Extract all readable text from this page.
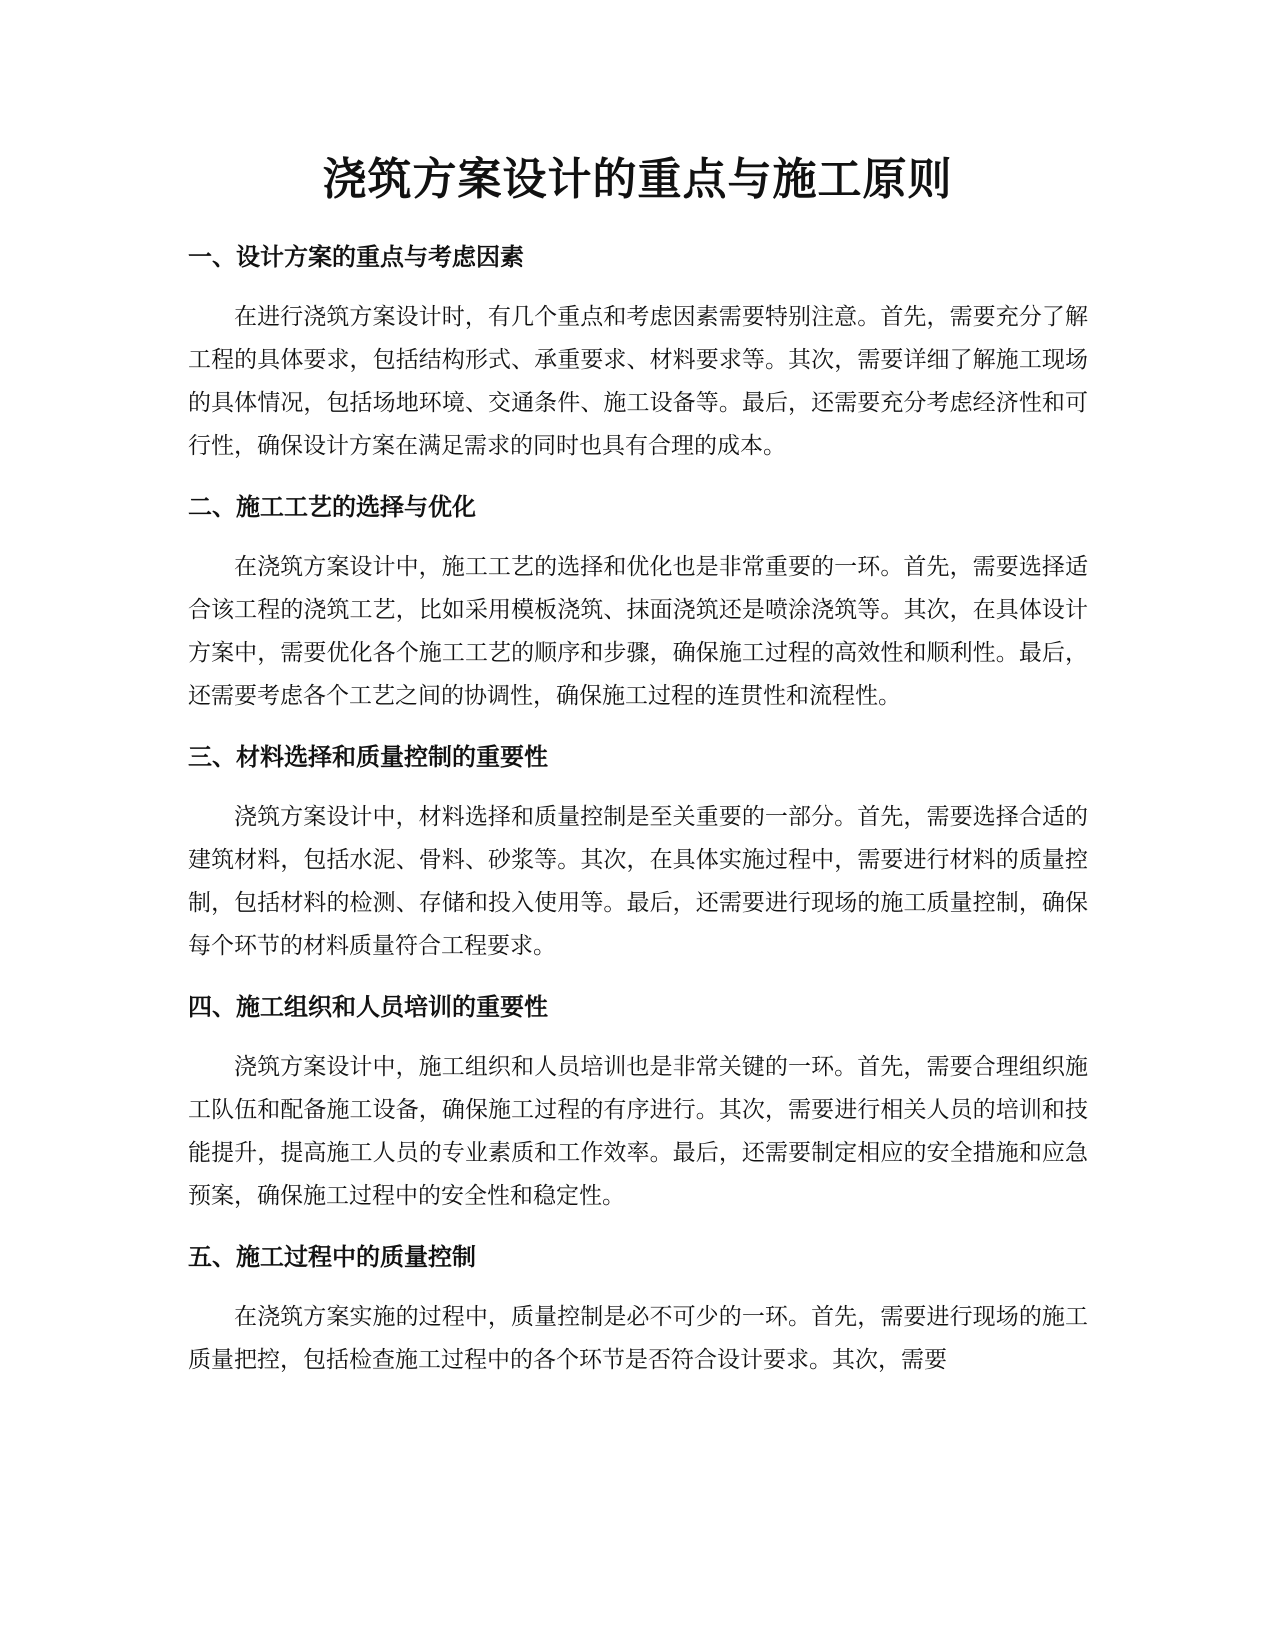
浇筑方案设计的重点与施工原则
一、设计方案的重点与考虑因素

在进行浇筑方案设计时，有几个重点和考虑因素需要特别注意。首先，需要充分了解工程的具体要求，包括结构形式、承重要求、材料要求等。其次，需要详细了解施工现场的具体情况，包括场地环境、交通条件、施工设备等。最后，还需要充分考虑经济性和可行性，确保设计方案在满足需求的同时也具有合理的成本。

二、施工工艺的选择与优化

在浇筑方案设计中，施工工艺的选择和优化也是非常重要的一环。首先，需要选择适合该工程的浇筑工艺，比如采用模板浇筑、抹面浇筑还是喷涂浇筑等。其次，在具体设计方案中，需要优化各个施工工艺的顺序和步骤，确保施工过程的高效性和顺利性。最后，还需要考虑各个工艺之间的协调性，确保施工过程的连贯性和流程性。

三、材料选择和质量控制的重要性

浇筑方案设计中，材料选择和质量控制是至关重要的一部分。首先，需要选择合适的建筑材料，包括水泥、骨料、砂浆等。其次，在具体实施过程中，需要进行材料的质量控制，包括材料的检测、存储和投入使用等。最后，还需要进行现场的施工质量控制，确保每个环节的材料质量符合工程要求。

四、施工组织和人员培训的重要性

浇筑方案设计中，施工组织和人员培训也是非常关键的一环。首先，需要合理组织施工队伍和配备施工设备，确保施工过程的有序进行。其次，需要进行相关人员的培训和技能提升，提高施工人员的专业素质和工作效率。最后，还需要制定相应的安全措施和应急预案，确保施工过程中的安全性和稳定性。

五、施工过程中的质量控制

在浇筑方案实施的过程中，质量控制是必不可少的一环。首先，需要进行现场的施工质量把控，包括检查施工过程中的各个环节是否符合设计要求。其次，需要
